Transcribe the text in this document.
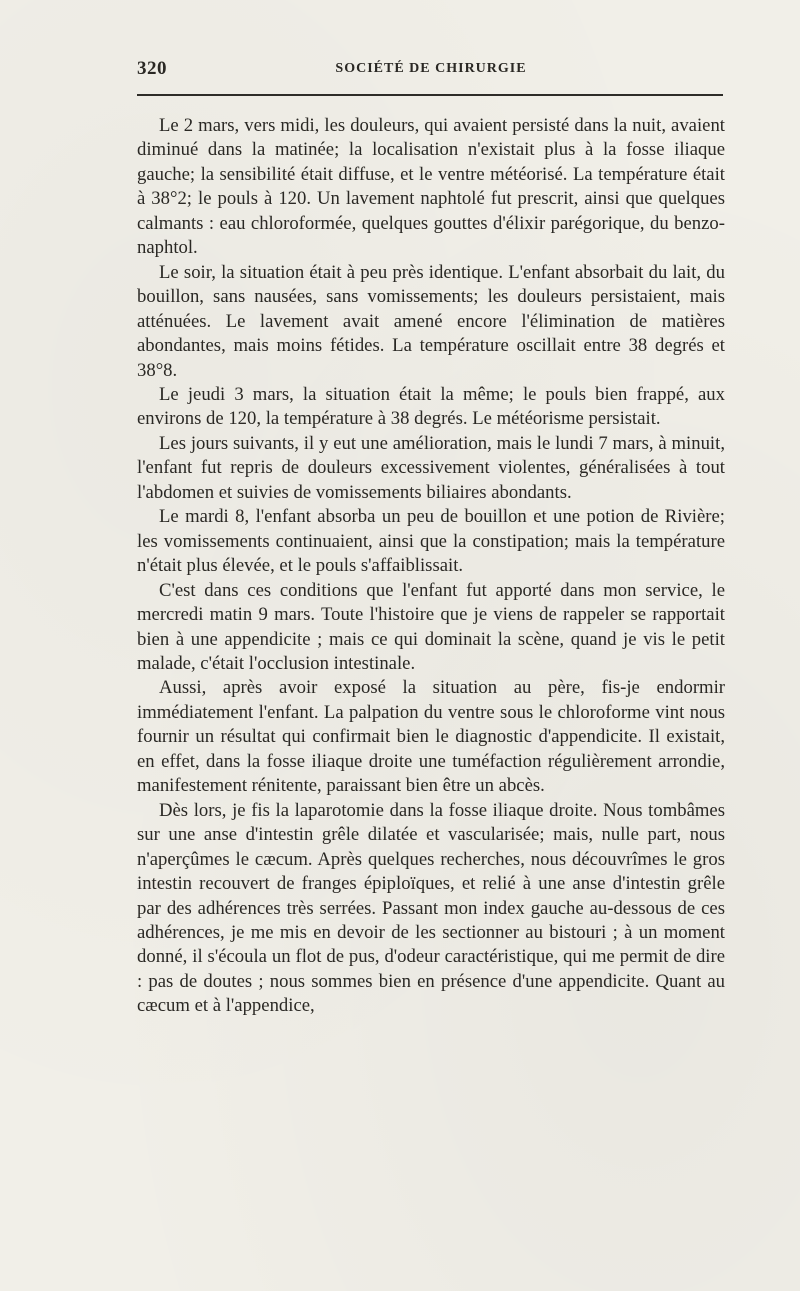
320	SOCIÉTÉ DE CHIRURGIE

Le 2 mars, vers midi, les douleurs, qui avaient persisté dans la nuit, avaient diminué dans la matinée; la localisation n'existait plus à la fosse iliaque gauche; la sensibilité était diffuse, et le ventre météorisé. La température était à 38°2; le pouls à 120. Un lavement naphtolé fut prescrit, ainsi que quelques calmants : eau chloroformée, quelques gouttes d'élixir parégorique, du benzo-naphtol.

Le soir, la situation était à peu près identique. L'enfant absorbait du lait, du bouillon, sans nausées, sans vomissements; les douleurs persistaient, mais atténuées. Le lavement avait amené encore l'élimination de matières abondantes, mais moins fétides. La température oscillait entre 38 degrés et 38°8.

Le jeudi 3 mars, la situation était la même; le pouls bien frappé, aux environs de 120, la température à 38 degrés. Le météorisme persistait.

Les jours suivants, il y eut une amélioration, mais le lundi 7 mars, à minuit, l'enfant fut repris de douleurs excessivement violentes, généralisées à tout l'abdomen et suivies de vomissements biliaires abondants.

Le mardi 8, l'enfant absorba un peu de bouillon et une potion de Rivière; les vomissements continuaient, ainsi que la constipation; mais la température n'était plus élevée, et le pouls s'affaiblissait.

C'est dans ces conditions que l'enfant fut apporté dans mon service, le mercredi matin 9 mars. Toute l'histoire que je viens de rappeler se rapportait bien à une appendicite ; mais ce qui dominait la scène, quand je vis le petit malade, c'était l'occlusion intestinale.

Aussi, après avoir exposé la situation au père, fis-je endormir immédiatement l'enfant. La palpation du ventre sous le chloroforme vint nous fournir un résultat qui confirmait bien le diagnostic d'appendicite. Il existait, en effet, dans la fosse iliaque droite une tuméfaction régulièrement arrondie, manifestement rénitente, paraissant bien être un abcès.

Dès lors, je fis la laparotomie dans la fosse iliaque droite. Nous tombâmes sur une anse d'intestin grêle dilatée et vascularisée; mais, nulle part, nous n'aperçûmes le cæcum. Après quelques recherches, nous découvrîmes le gros intestin recouvert de franges épiploïques, et relié à une anse d'intestin grêle par des adhérences très serrées. Passant mon index gauche au-dessous de ces adhérences, je me mis en devoir de les sectionner au bistouri ; à un moment donné, il s'écoula un flot de pus, d'odeur caractéristique, qui me permit de dire : pas de doutes ; nous sommes bien en présence d'une appendicite. Quant au cæcum et à l'appendice,
